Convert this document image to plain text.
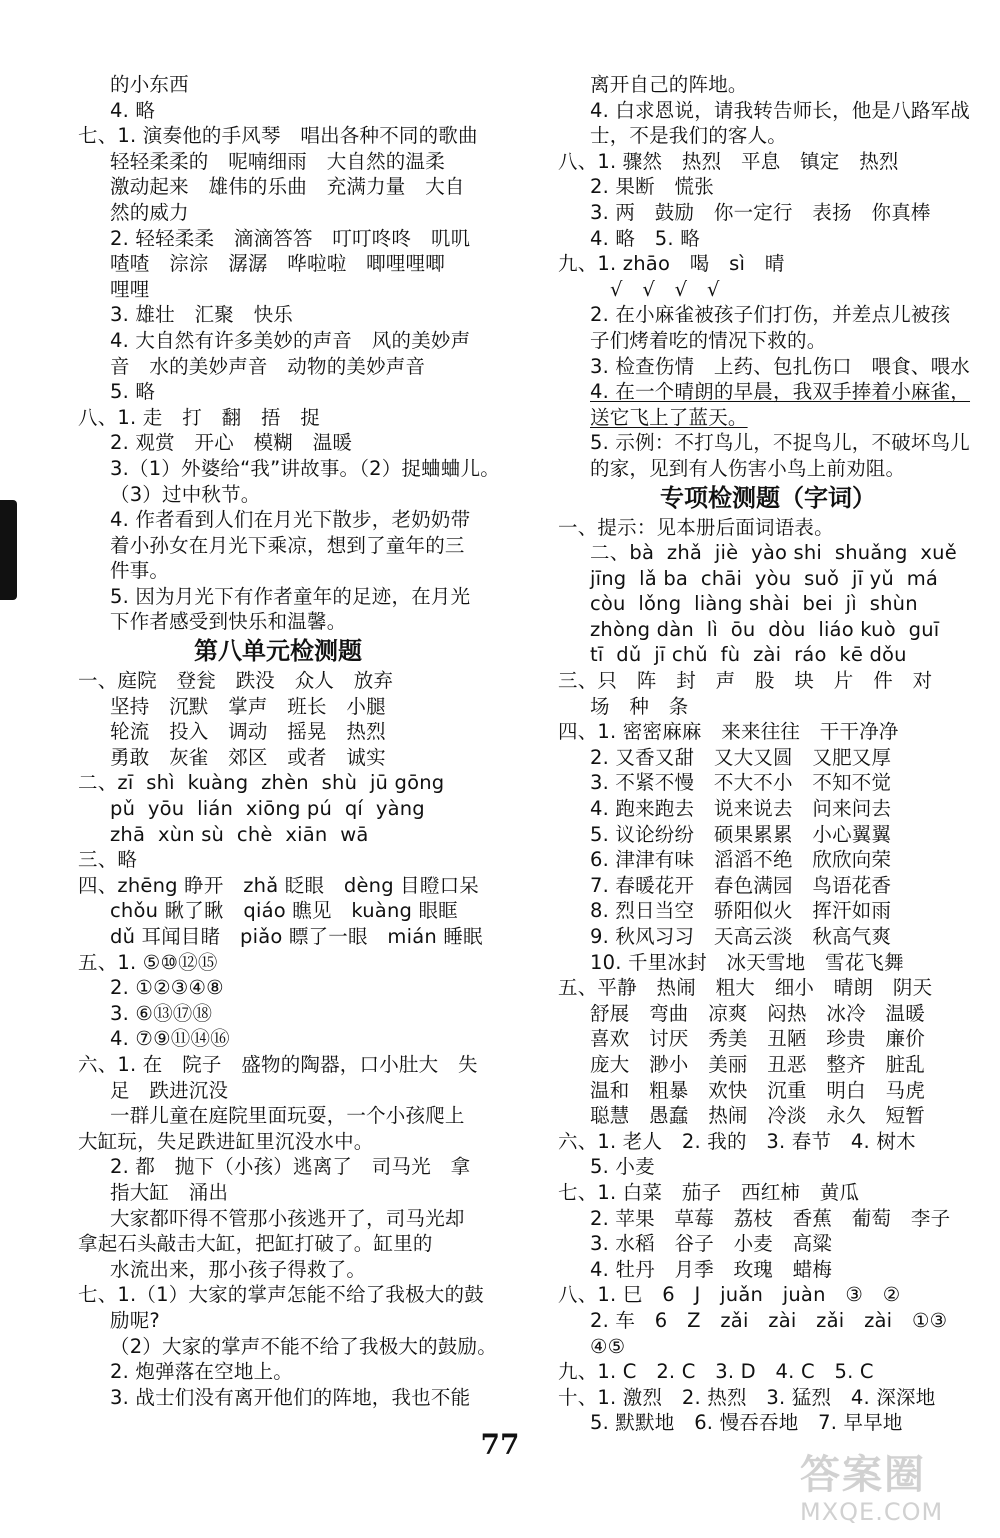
的小东西
4. 略
七、1. 演奏他的手风琴　唱出各种不同的歌曲
轻轻柔柔的　呢喃细雨　大自然的温柔
激动起来　雄伟的乐曲　充满力量　大自
然的威力
2. 轻轻柔柔　滴滴答答　叮叮咚咚　叽叽
喳喳　淙淙　潺潺　哗啦啦　唧哩哩唧
哩哩
3. 雄壮　汇聚　快乐
4. 大自然有许多美妙的声音　风的美妙声
音　水的美妙声音　动物的美妙声音
5. 略
八、1. 走　打　翻　捂　捉
2. 观赏　开心　模糊　温暖
3.（1）外婆给“我”讲故事。（2）捉蛐蛐儿。
（3）过中秋节。
4. 作者看到人们在月光下散步，老奶奶带
着小孙女在月光下乘凉，想到了童年的三
件事。
5. 因为月光下有作者童年的足迹，在月光
下作者感受到快乐和温馨。
第八单元检测题
一、庭院　登瓮　跌没　众人　放弃
坚持　沉默　掌声　班长　小腿
轮流　投入　调动　摇晃　热烈
勇敢　灰雀　郊区　或者　诚实
二、zī  shì  kuàng  zhèn  shù  jū gōng
pǔ  yōu  lián  xiōng pú  qí  yàng
zhā  xùn sù  chè  xiān  wā
三、略
四、zhēng 睁开　zhǎ 眨眼　dèng 目瞪口呆
chǒu 瞅了瞅　qiáo 瞧见　kuàng 眼眶
dǔ 耳闻目睹　piǎo 瞟了一眼　mián 睡眠
五、1. ⑤⑩⑫⑮
2. ①②③④⑧
3. ⑥⑬⑰⑱
4. ⑦⑨⑪⑭⑯
六、1. 在　院子　盛物的陶器，口小肚大　失
足　跌进沉没
一群儿童在庭院里面玩耍，一个小孩爬上
大缸玩，失足跌进缸里沉没水中。
2. 都　抛下（小孩）逃离了　司马光　拿
指大缸　涌出
大家都吓得不管那小孩逃开了，司马光却
拿起石头敲击大缸，把缸打破了。缸里的
水流出来，那小孩子得救了。
七、1.（1）大家的掌声怎能不给了我极大的鼓
励呢?
（2）大家的掌声不能不给了我极大的鼓励。
2. 炮弹落在空地上。
3. 战士们没有离开他们的阵地，我也不能
离开自己的阵地。
4. 白求恩说，请我转告师长，他是八路军战
士，不是我们的客人。
八、1. 骤然　热烈　平息　镇定　热烈
2. 果断　慌张
3. 两　鼓励　你一定行　表扬　你真棒
4. 略　5. 略
九、1. zhāo　喝　sì　晴
√　√　√　√
2. 在小麻雀被孩子们打伤，并差点儿被孩
子们烤着吃的情况下救的。
3. 检查伤情　上药、包扎伤口　喂食、喂水
4. 在一个晴朗的早晨，我双手捧着小麻雀，
送它飞上了蓝天。
5. 示例：不打鸟儿，不捉鸟儿，不破坏鸟儿
的家，见到有人伤害小鸟上前劝阻。
专项检测题（字词）
一、提示：见本册后面词语表。
二、bà  zhǎ  jiè  yào shi  shuǎng  xuě
jīng  lǎ ba  chāi  yòu  suǒ  jī yǔ  má
còu  lǒng  liàng shài  bei  jì  shùn
zhòng dàn  lì  ōu  dòu  liáo kuò  guī
tī  dǔ  jī chǔ  fù  zài  ráo  kē dǒu
三、只　阵　封　声　股　块　片　件　对
场　种　条
四、1. 密密麻麻　来来往往　干干净净
2. 又香又甜　又大又圆　又肥又厚
3. 不紧不慢　不大不小　不知不觉
4. 跑来跑去　说来说去　问来问去
5. 议论纷纷　硕果累累　小心翼翼
6. 津津有味　滔滔不绝　欣欣向荣
7. 春暖花开　春色满园　鸟语花香
8. 烈日当空　骄阳似火　挥汗如雨
9. 秋风习习　天高云淡　秋高气爽
10. 千里冰封　冰天雪地　雪花飞舞
五、平静　热闹　粗大　细小　晴朗　阴天
舒展　弯曲　凉爽　闷热　冰冷　温暖
喜欢　讨厌　秀美　丑陋　珍贵　廉价
庞大　渺小　美丽　丑恶　整齐　脏乱
温和　粗暴　欢快　沉重　明白　马虎
聪慧　愚蠢　热闹　冷淡　永久　短暂
六、1. 老人　2. 我的　3. 春节　4. 树木
5. 小麦
七、1. 白菜　茄子　西红柿　黄瓜
2. 苹果　草莓　荔枝　香蕉　葡萄　李子
3. 水稻　谷子　小麦　高粱
4. 牡丹　月季　玫瑰　蜡梅
八、1. 巳　6　J　juǎn　juàn　③　②
2. 车　6　Z　zǎi　zài　zǎi　zài　①③
④⑤
九、1. C　2. C　3. D　4. C　5. C
十、1. 激烈　2. 热烈　3. 猛烈　4. 深深地
5. 默默地　6. 慢吞吞地　7. 早早地
77
答案圈
MXQE.COM
